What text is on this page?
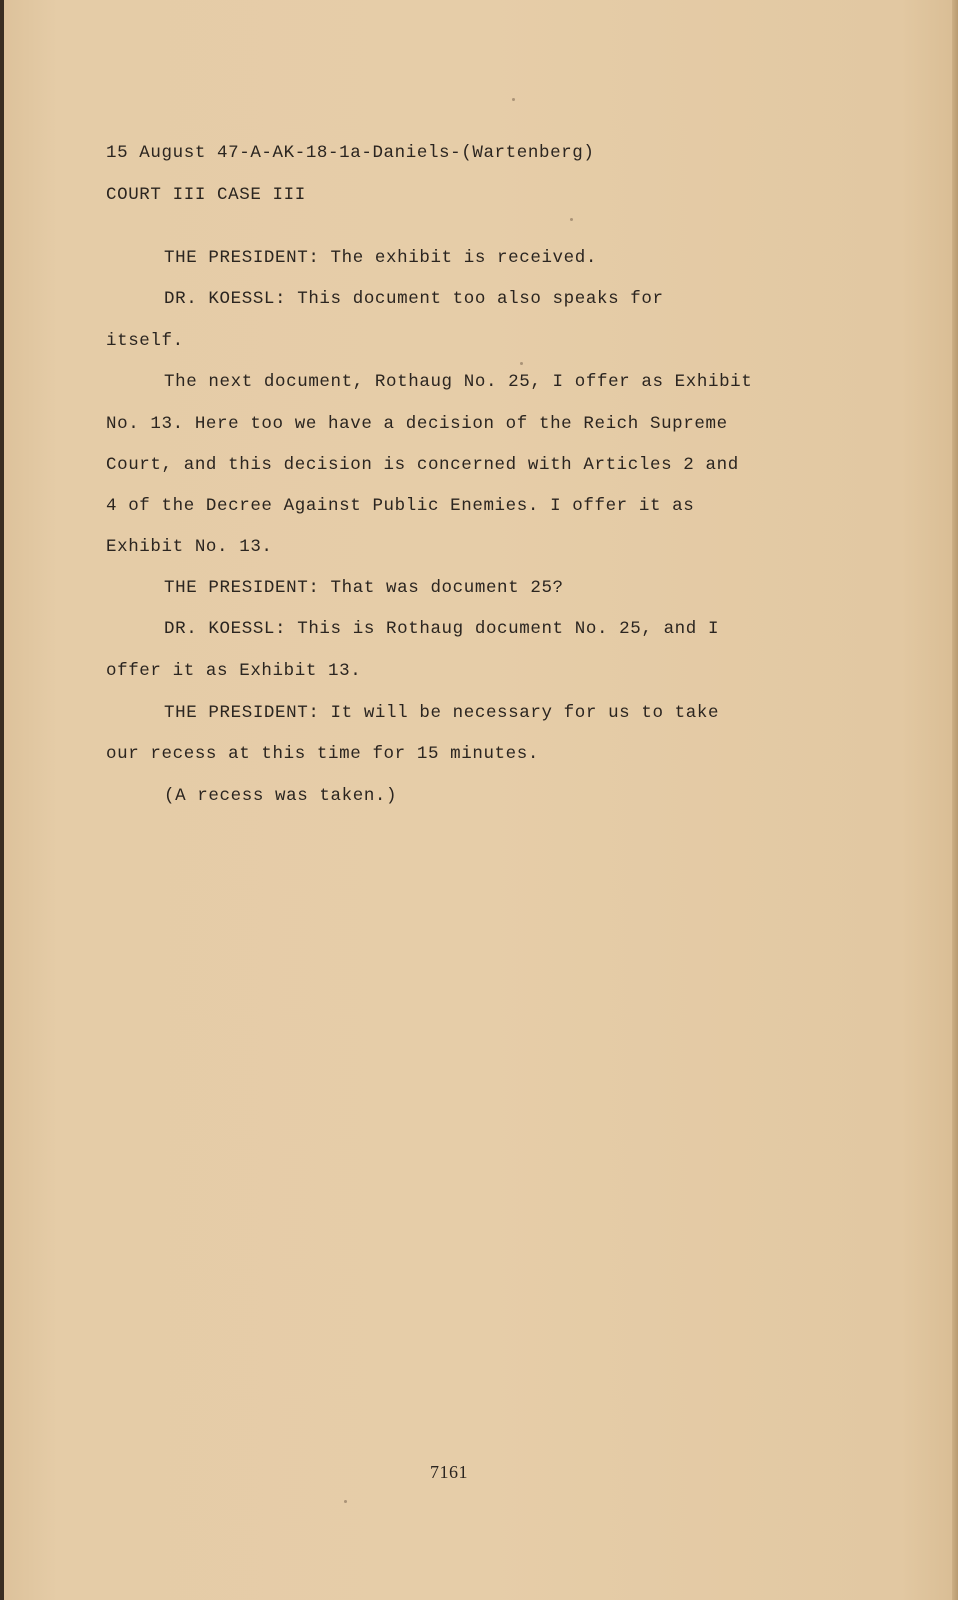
15 August 47-A-AK-18-1a-Daniels-(Wartenberg)
COURT III CASE III
THE PRESIDENT: The exhibit is received.
DR. KOESSL: This document too also speaks for
itself.
The next document, Rothaug No. 25, I offer as Exhibit
No. 13. Here too we have a decision of the Reich Supreme
Court, and this decision is concerned with Articles 2 and
4 of the Decree Against Public Enemies. I offer it as
Exhibit No. 13.
THE PRESIDENT: That was document 25?
DR. KOESSL: This is Rothaug document No. 25, and I
offer it as Exhibit 13.
THE PRESIDENT: It will be necessary for us to take
our recess at this time for 15 minutes.
(A recess was taken.)
7161
